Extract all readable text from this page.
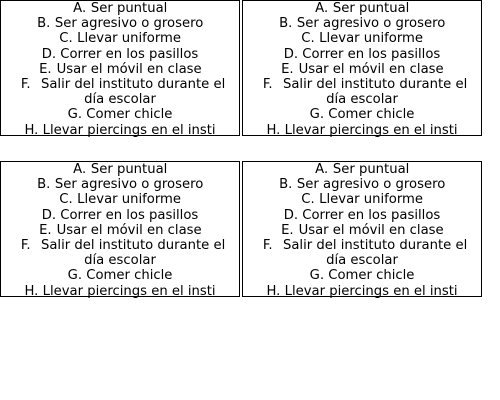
A. Ser puntual
B. Ser agresivo o grosero
C. Llevar uniforme
D. Correr en los pasillos
E. Usar el móvil en clase
F. Salir del instituto durante el día escolar
G. Comer chicle
H. Llevar piercings en el insti
A. Ser puntual
B. Ser agresivo o grosero
C. Llevar uniforme
D. Correr en los pasillos
E. Usar el móvil en clase
F. Salir del instituto durante el día escolar
G. Comer chicle
H. Llevar piercings en el insti
A. Ser puntual
B. Ser agresivo o grosero
C. Llevar uniforme
D. Correr en los pasillos
E. Usar el móvil en clase
F. Salir del instituto durante el día escolar
G. Comer chicle
H. Llevar piercings en el insti
A. Ser puntual
B. Ser agresivo o grosero
C. Llevar uniforme
D. Correr en los pasillos
E. Usar el móvil en clase
F. Salir del instituto durante el día escolar
G. Comer chicle
H. Llevar piercings en el insti
